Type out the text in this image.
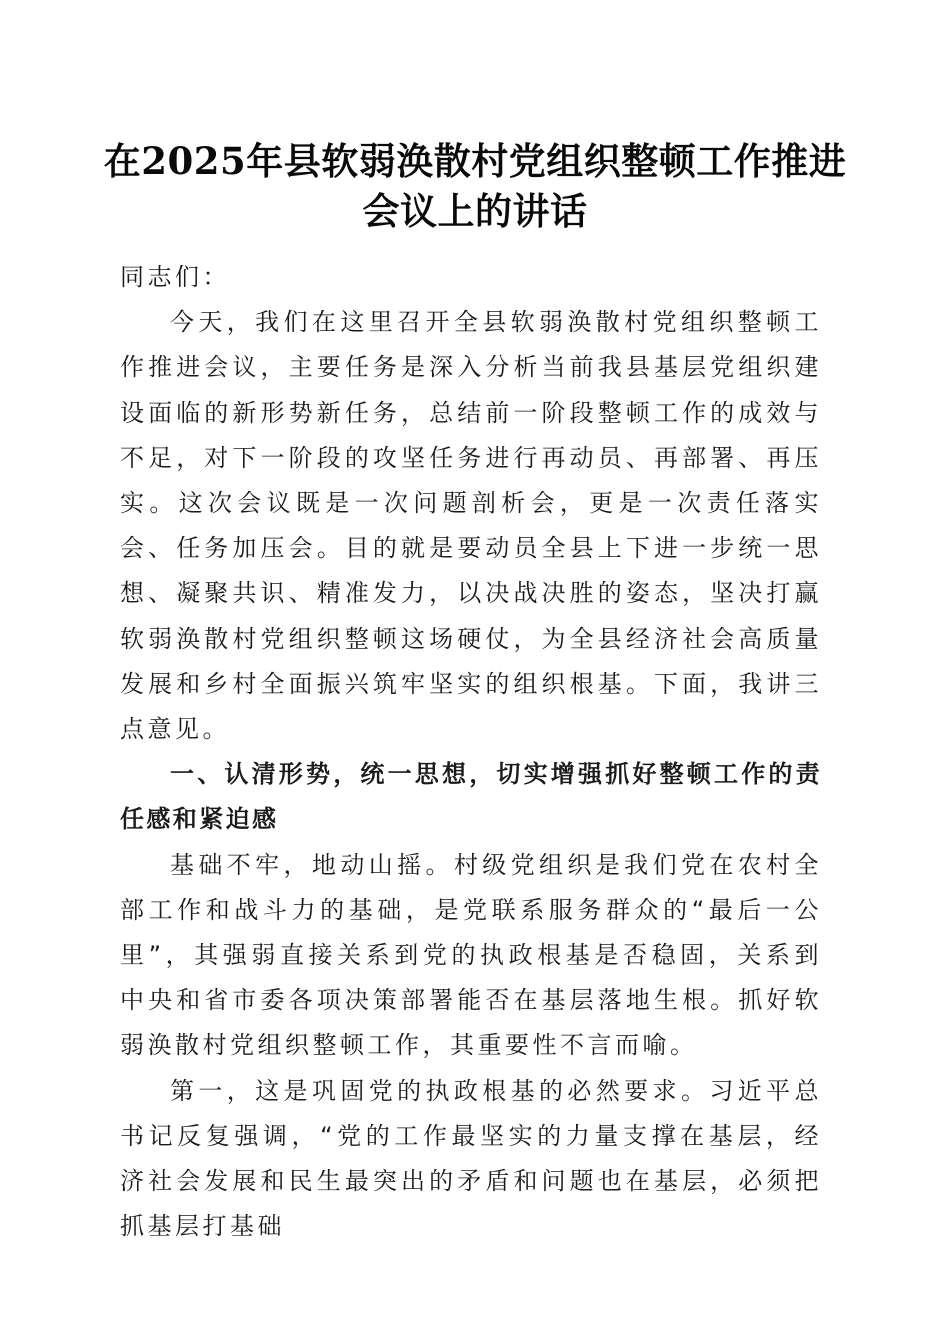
在2025年县软弱涣散村党组织整顿工作推进会议上的讲话

同志们：

今天，我们在这里召开全县软弱涣散村党组织整顿工作推进会议，主要任务是深入分析当前我县基层党组织建设面临的新形势新任务，总结前一阶段整顿工作的成效与不足，对下一阶段的攻坚任务进行再动员、再部署、再压实。这次会议既是一次问题剖析会，更是一次责任落实会、任务加压会。目的就是要动员全县上下进一步统一思想、凝聚共识、精准发力，以决战决胜的姿态，坚决打赢软弱涣散村党组织整顿这场硬仗，为全县经济社会高质量发展和乡村全面振兴筑牢坚实的组织根基。下面，我讲三点意见。

一、认清形势，统一思想，切实增强抓好整顿工作的责任感和紧迫感

基础不牢，地动山摇。村级党组织是我们党在农村全部工作和战斗力的基础，是党联系服务群众的“最后一公里”，其强弱直接关系到党的执政根基是否稳固，关系到中央和省市委各项决策部署能否在基层落地生根。抓好软弱涣散村党组织整顿工作，其重要性不言而喻。

第一，这是巩固党的执政根基的必然要求。习近平总书记反复强调，“党的工作最坚实的力量支撑在基层，经济社会发展和民生最突出的矛盾和问题也在基层，必须把抓基层打基础
